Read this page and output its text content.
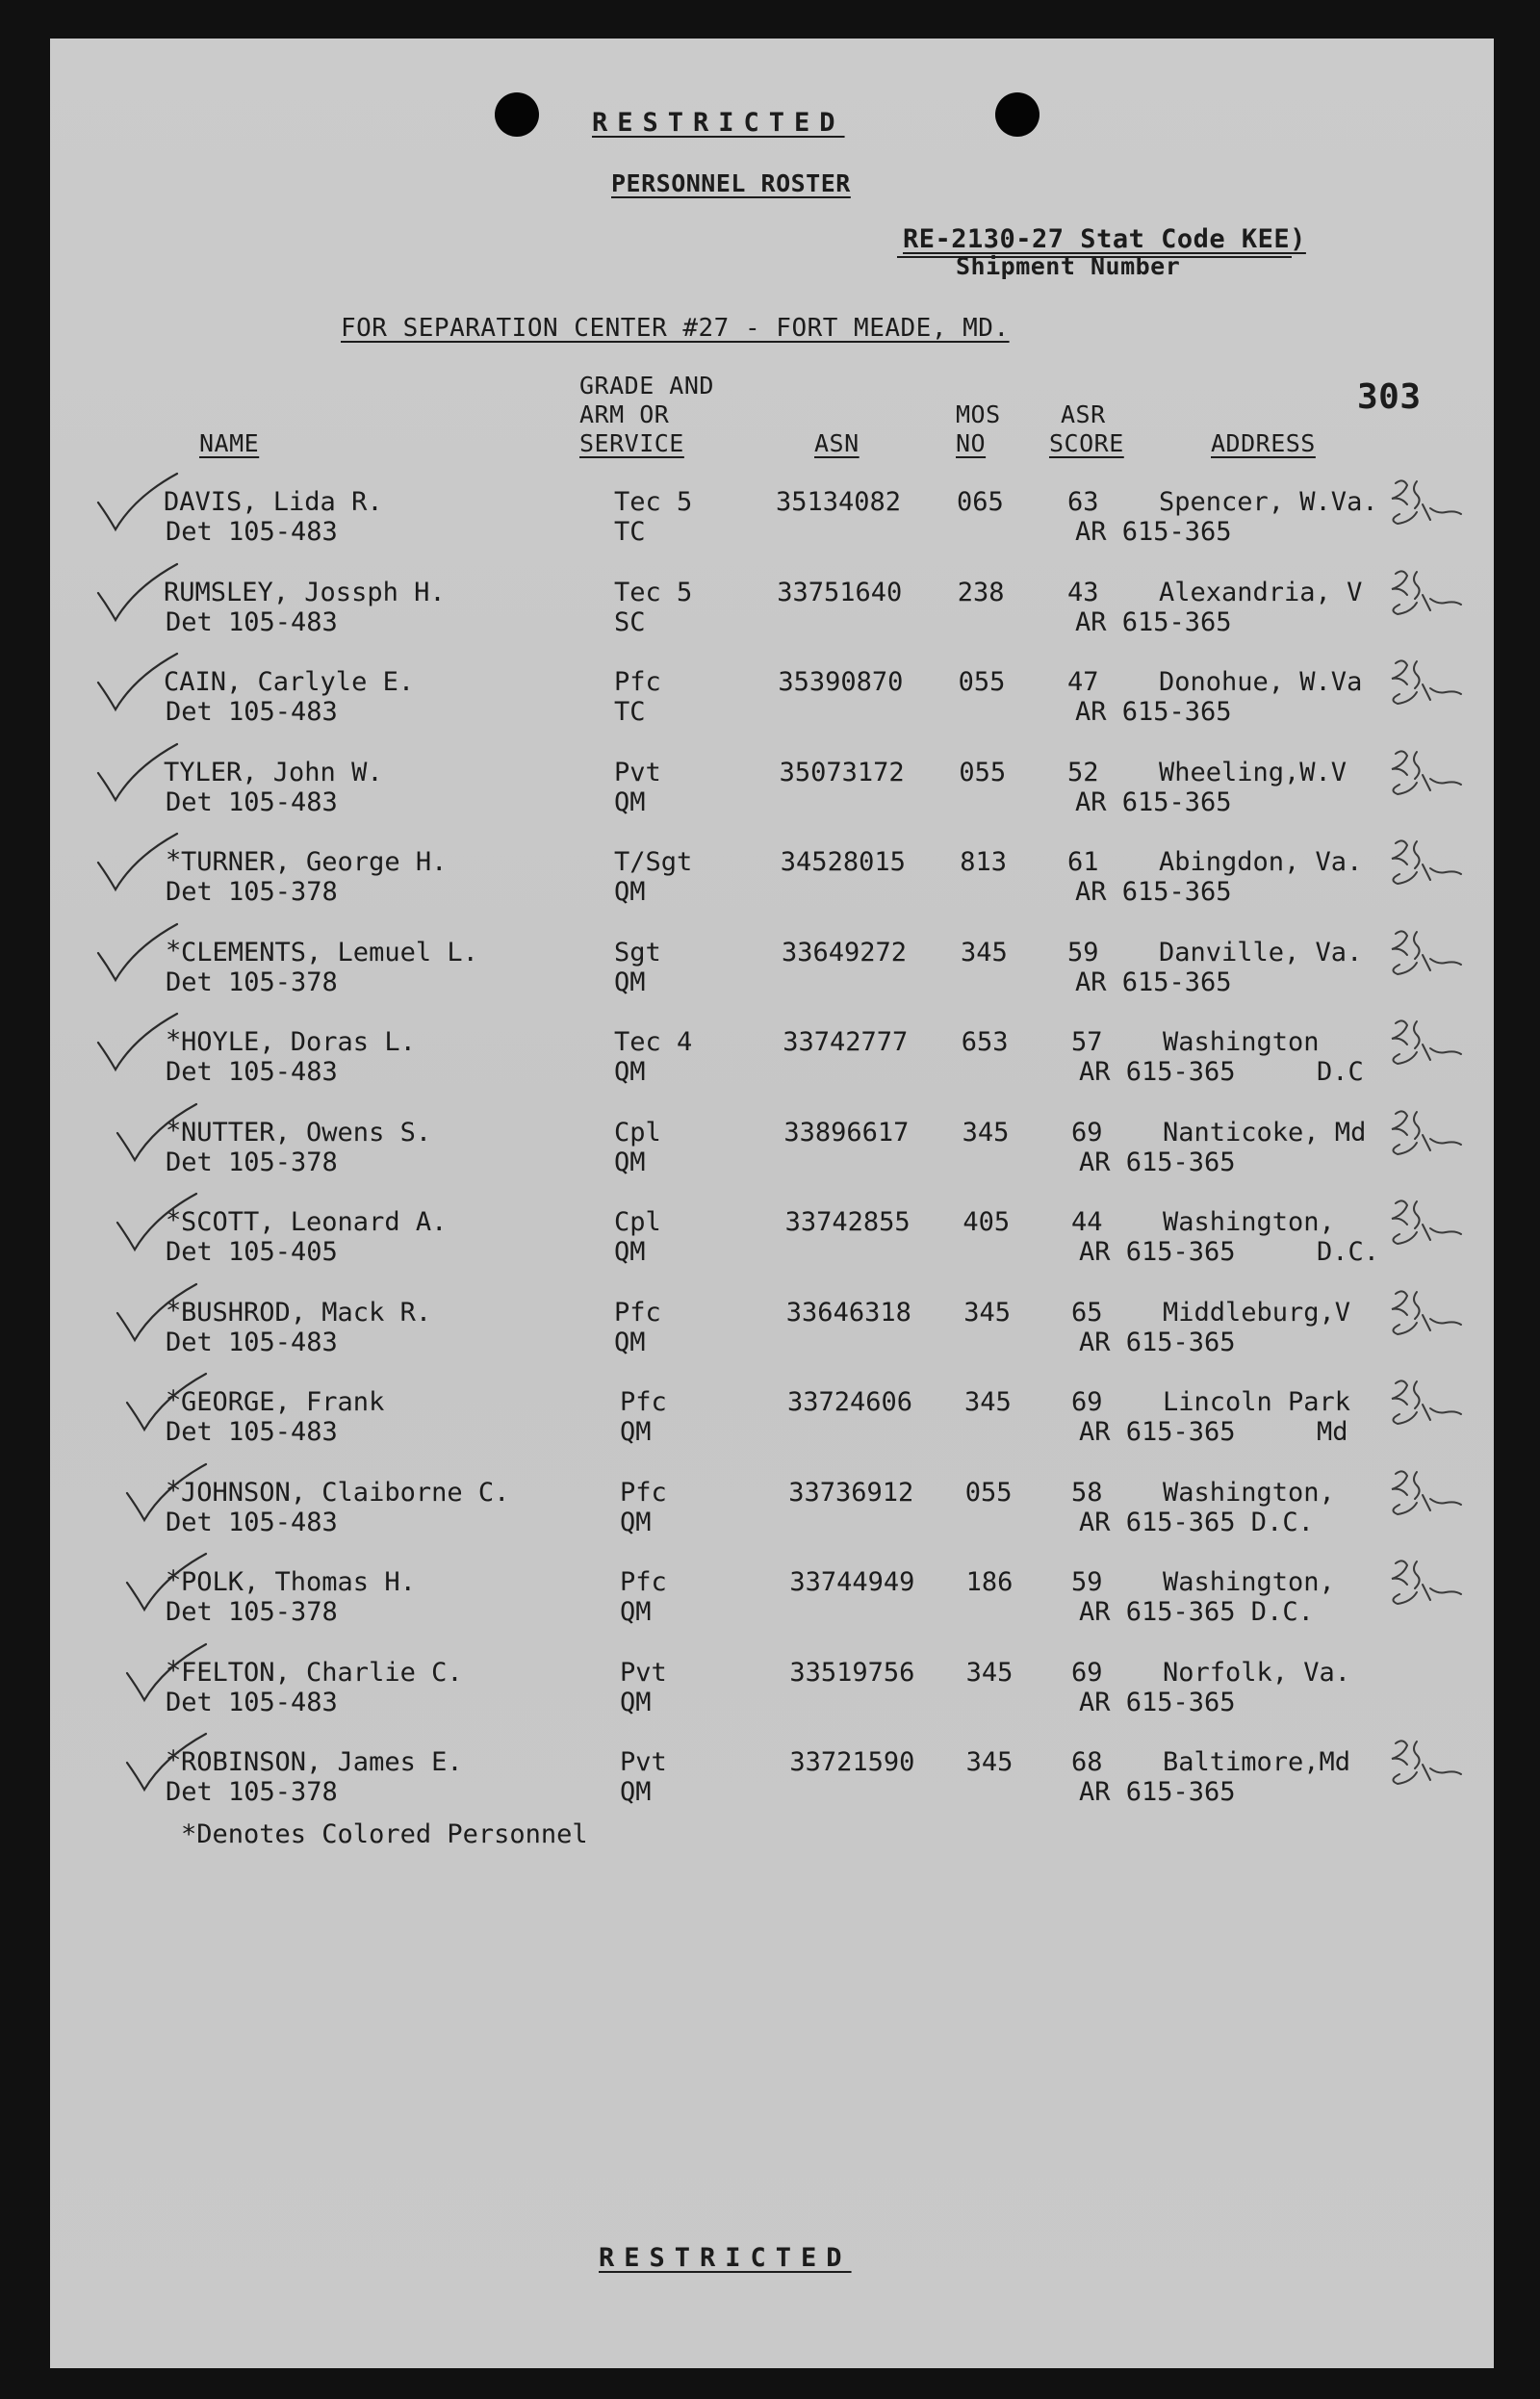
RESTRICTED
PERSONNEL ROSTER
RE-2130-27 Stat Code KEE)
Shipment Number
FOR SEPARATION CENTER #27 - FORT MEADE, MD.
303
GRADE AND
ARM OR
SERVICE
NAME	ASN
MOS
NO
ASR
SCORE	ADDRESS
DAVIS, Lida R.
Det 105-483
Tec 5
TC
35134082 065 63
AR 615-365
Spencer, W.Va.
RUMSLEY, Jossph H.
Det 105-483
Tec 5
SC
33751640 238 43
AR 615-365
Alexandria, V
CAIN, Carlyle E.
Det 105-483
Pfc
TC
35390870 055 47
AR 615-365
Donohue, W.Va
TYLER, John W.
Det 105-483
Pvt
QM
35073172 055 52
AR 615-365
Wheeling,W.V
* TURNER, George H.
Det 105-378
T/Sgt
QM
34528015 813 61
AR 615-365
Abingdon, Va.
* CLEMENTS, Lemuel L.
Det 105-378
Sgt
QM
33649272 345 59
AR 615-365
Danville, Va.
* HOYLE, Doras L.
Det 105-483
Tec 4
QM
33742777 653 57
AR 615-365
Washington
D.C
* NUTTER, Owens S.
Det 105-378
Cpl
QM
33896617 345 69
AR 615-365
Nanticoke, Md
* SCOTT, Leonard A.
Det 105-405
Cpl
QM
33742855 405 44
AR 615-365
Washington,
D.C.
* BUSHROD, Mack R.
Det 105-483
Pfc
QM
33646318 345 65
AR 615-365
Middleburg,V
* GEORGE, Frank
Det 105-483
Pfc
QM
33724606 345 69
AR 615-365
Lincoln Park
Md
* JOHNSON, Claiborne C.
Det 105-483
Pfc
QM
33736912 055 58
AR 615-365 D.C.
Washington,
* POLK, Thomas H.
Det 105-378
Pfc
QM
33744949 186 59
AR 615-365 D.C.
Washington,
* FELTON, Charlie C.
Det 105-483
Pvt
QM
33519756 345 69
AR 615-365
Norfolk, Va.
* ROBINSON, James E.
Det 105-378
Pvt
QM
33721590 345 68
AR 615-365
Baltimore,Md
*Denotes Colored Personnel
RESTRICTED
